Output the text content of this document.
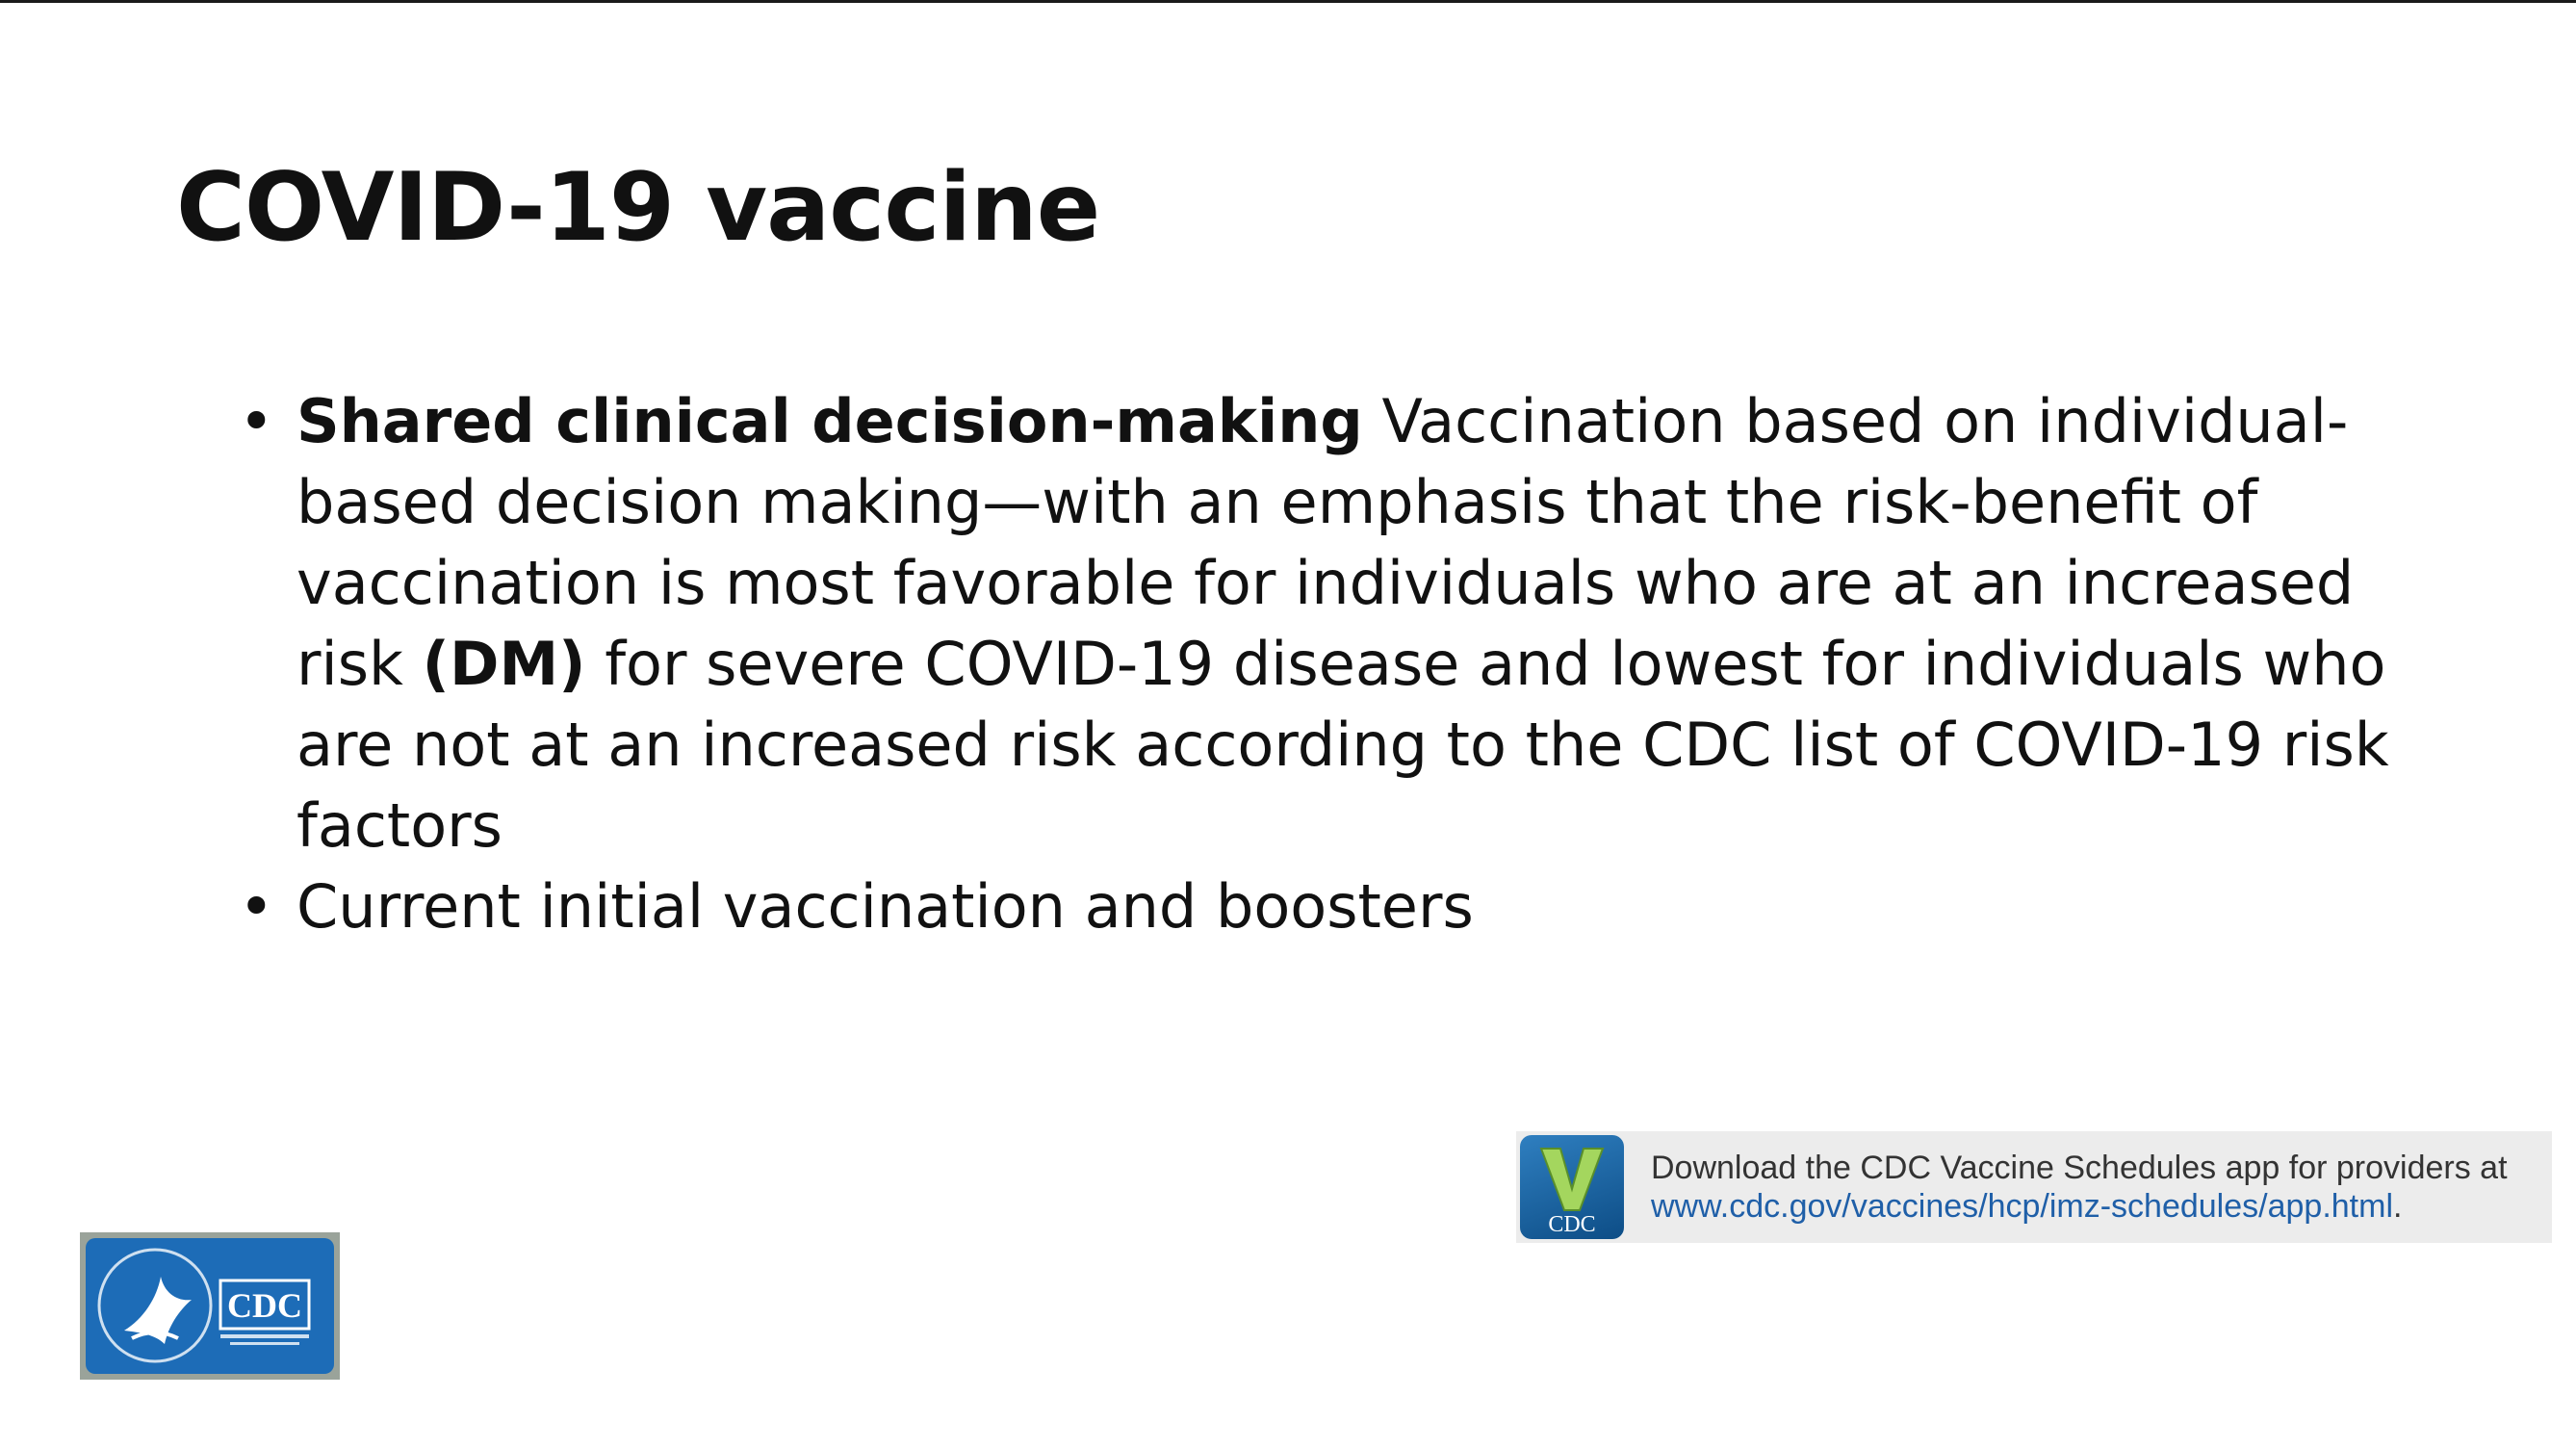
COVID-19 vaccine
• Shared clinical decision-making Vaccination based on individual-based decision making—with an emphasis that the risk-benefit of vaccination is most favorable for individuals who are at an increased risk (DM) for severe COVID-19 disease and lowest for individuals who are not at an increased risk according to the CDC list of COVID-19 risk factors
• Current initial vaccination and boosters
CDC
Download the CDC Vaccine Schedules app for providers at
www.cdc.gov/vaccines/hcp/imz-schedules/app.html.
CDC
